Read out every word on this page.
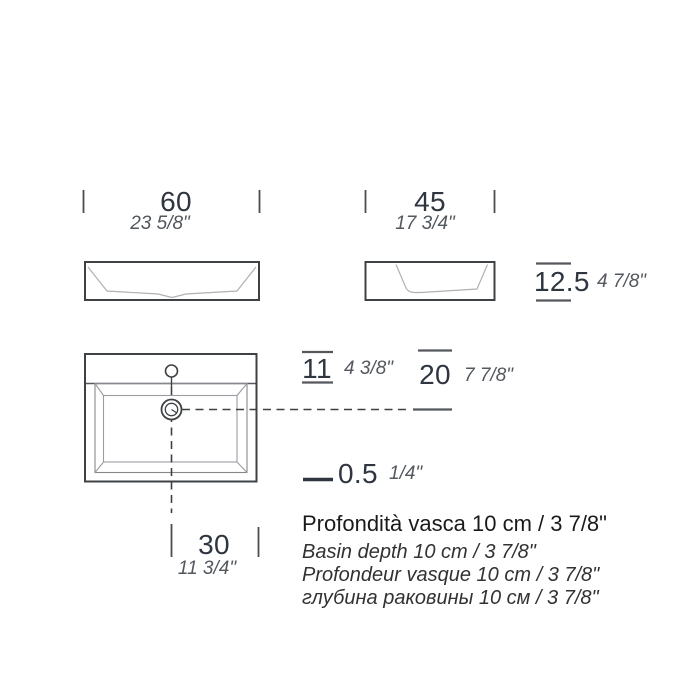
60
23 5/8"
45
17 3/4"
12.5 4 7/8"
11 4 3/8" 20 7 7/8"
0.5 1/4"
30
11 3/4"
Profondità vasca 10 cm / 3 7/8"
Basin depth 10 cm / 3 7/8"
Profondeur vasque 10 cm / 3 7/8"
глубина раковины 10 см / 3 7/8"
